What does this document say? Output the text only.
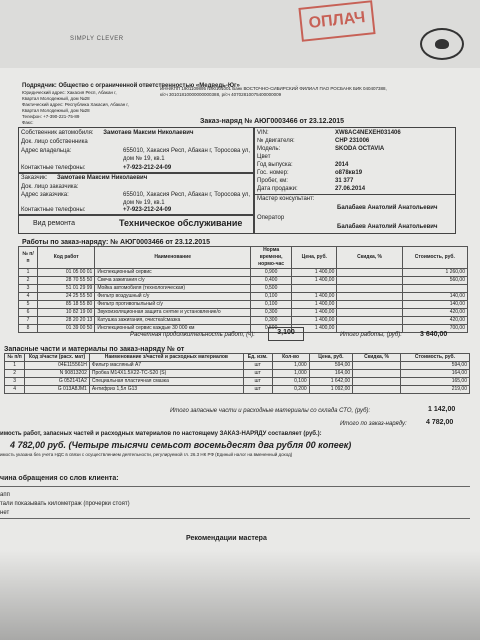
SIMPLY CLEVER
ОПЛАЧ
Подрядчик: Общество с ограниченной ответственностью «Медведь-Юг»
Юридический адрес: Хакасия Респ, Абакан г,
Квартал Молодежный, дом №28
Фактический адрес: Республика Хакасия, Абакан г,
Квартал Молодежный, дом №28
Телефон: +7-390-221-75-89
Факс:
ИНН/КПП 1901109895 /190101001 Банк ВОСТОЧНО-СИБИРСКИЙ ФИЛИАЛ ПАО РОСБАНК БИК 040407388,
к/сч 30101810000000000388, р/сч 40702810075400000009
Заказ-наряд № АЮГ0003466 от 23.12.2015
Собственник автомобиля: Замотаев Максим Николаевич
Док. лицо собственника
Адрес владельца:	655010, Хакасия Респ, Абакан г, Торосова ул, дом № 19, кв.1
Контактные телефоны:	+7-923-212-24-09
Заказчик: Замотаев Максим Николаевич
Док. лицо заказчика:
Адрес заказчика:	655010, Хакасия Респ, Абакан г, Торосова ул, дом № 19, кв.1
Контактные телефоны:	+7-923-212-24-09
Вид ремонта	Техническое обслуживание
VIN:	XW8AC4NEXEH031406
№ двигателя:	CHP 231006
Модель:	SKODA OCTAVIA
Цвет
Год выпуска:	2014
Гос. номер:	о878кв19
Пробег, км:	31 377
Дата продажи:	27.06.2014
Мастер консультант:
Балабаев Анатолий Анатольевич
Оператор
Балабаев Анатолий Анатольевич
Работы по заказ-наряду: № АЮГ0003466 от 23.12.2015
№ п/п	Код работ	Наименование	Норма времени, нормо-час	Цена, руб.	Скидка, %	Стоимость, руб.
1	01 05 00 01	Инспекционный сервис	0,900	1 400,00		1 260,00
2	28 70 55 50	Свеча зажигания с/у	0,400	1 400,00		560,00
3	51 01 29 99	Мойка автомобиля (технологическая)	0,500			
4	24 25 55 50	Фильтр воздушный с/у	0,100	1 400,00		140,00
5	85 18 55 80	Фильтр противопыльный с/у	0,100	1 400,00		140,00
6	10 82 19 00	Звукоизоляционная защита снятие и установление/о	0,300	1 400,00		420,00
7	28 20 20 13	Катушка зажигания, очистка/смазка	0,300	1 400,00		420,00
8	01 39 00 50	Инспекционный сервис каждые 30 000 км	0,500	1 400,00		700,00
Расчетная продолжительность работ, (ч):	3,100	Итого работы, (руб):	3 640,00
Запасные части и материалы по заказ-наряду № от
№ п/п	Код з/части (расх. мат)	Наименование з/частей и расходных материалов	Ед. изм.	Кол-во	Цена, руб.	Скидка, %	Стоимость, руб.
1	04E115561H	Фильтр масляный A7	шт	1,000	594,00		594,00
2	N 90813202	Пробка M14X1.5X22-TC-S20 (S)	шт	1,000	164,00		164,00
3	G 052141A2	Специальная пластичная смазка	шт	0,100	1 642,00		165,00
4	G 013A8JM1	Антифриз 1,5л G13	шт	0,200	1 092,00		219,00
Итого запасные части и расходные материалы со склада СТО, (руб):	1 142,00
Итого по заказ-наряду:	4 782,00
имость работ, запасных частей и расходных материалов по настоящему ЗАКАЗ-НАРЯДУ составляет (руб.):
4 782,00 руб. (Четыре тысячи семьсот восемьдесят два рубля 00 копеек)
имость указана без учета НДС в связи с осуществлением деятельности, регулируемой гл. 26.3 НК РФ (Единый налог на вмененный доход)
чина обращения со слов клиента:
апп
тали показывать километраж (прочерки стоят)
нет
Рекомендации мастера
